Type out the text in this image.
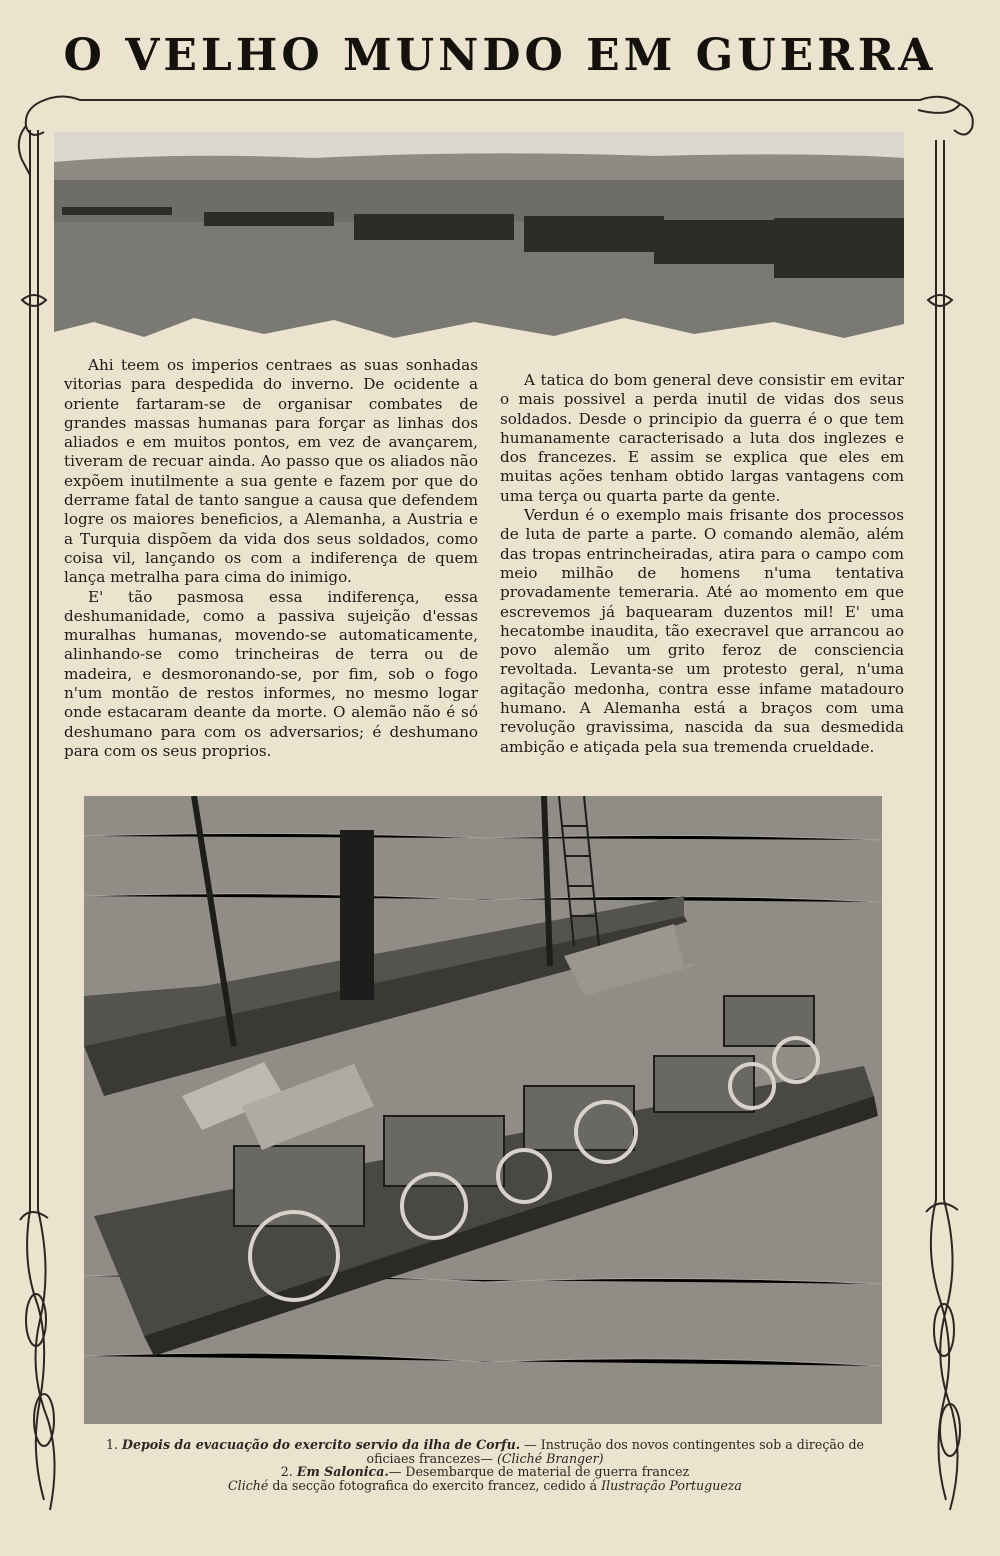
O VELHO MUNDO EM GUERRA

Ahi teem os imperios centraes as suas sonhadas vitorias para despedida do inverno. De ocidente a oriente fartaram-se de organisar combates de grandes massas humanas para forçar as linhas dos aliados e em muitos pontos, em vez de avançarem, tiveram de recuar ainda. Ao passo que os aliados não expõem inutilmente a sua gente e fazem por que do derrame fatal de tanto sangue a causa que defendem logre os maiores beneficios, a Alemanha, a Austria e a Turquia dispõem da vida dos seus soldados, como coisa vil, lançando os com a indiferença de quem lança metralha para cima do inimigo.

E' tão pasmosa essa indiferença, essa deshumanidade, como a passiva sujeição d'essas muralhas humanas, movendo-se automaticamente, alinhando-se como trincheiras de terra ou de madeira, e desmoronando-se, por fim, sob o fogo n'um montão de restos informes, no mesmo logar onde estacaram deante da morte. O alemão não é só deshumano para com os adversarios; é deshumano para com os seus proprios.

A tatica do bom general deve consistir em evitar o mais possivel a perda inutil de vidas dos seus soldados. Desde o principio da guerra é o que tem humanamente caracterisado a luta dos inglezes e dos francezes. E assim se explica que eles em muitas ações tenham obtido largas vantagens com uma terça ou quarta parte da gente.

Verdun é o exemplo mais frisante dos processos de luta de parte a parte. O comando alemão, além das tropas entrincheiradas, atira para o campo com meio milhão de homens n'uma tentativa provadamente temeraria. Até ao momento em que escrevemos já baquearam duzentos mil! E' uma hecatombe inaudita, tão execravel que arrancou ao povo alemão um grito feroz de consciencia revoltada. Levanta-se um protesto geral, n'uma agitação medonha, contra esse infame matadouro humano. A Alemanha está a braços com uma revolução gravissima, nascida da sua desmedida ambição e atiçada pela sua tremenda crueldade.

1. Depois da evacuação do exercito servio da ilha de Corfu. — Instrução dos novos contingentes sob a direção de oficiaes francezes— (Cliché Branger)
2. Em Salonica.— Desembarque de material de guerra francez
Cliché da secção fotografica do exercito francez, cedido á Ilustração Portugueza
